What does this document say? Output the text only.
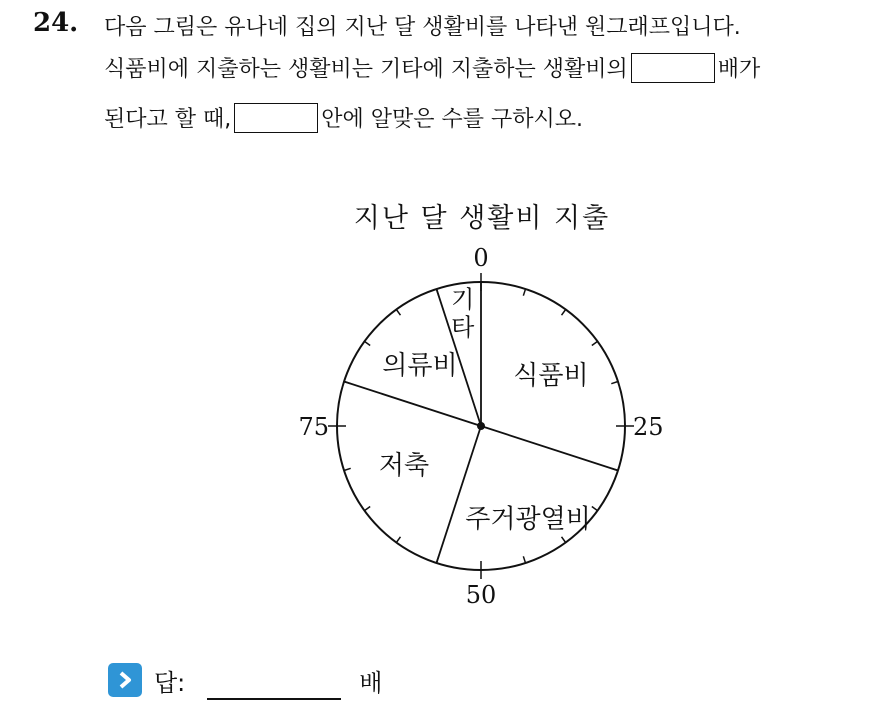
24. 다음 그림은 유나네 집의 지난 달 생활비를 나타낸 원그래프입니다.
식품비에 지출하는 생활비는 기타에 지출하는 생활비의	배가
된다고 할 때,	안에 알맞은 수를 구하시오.
지난 달 생활비 지출
0
25
50
75
식품비
주거광열비
저축
의류비
기 타
답:	배
